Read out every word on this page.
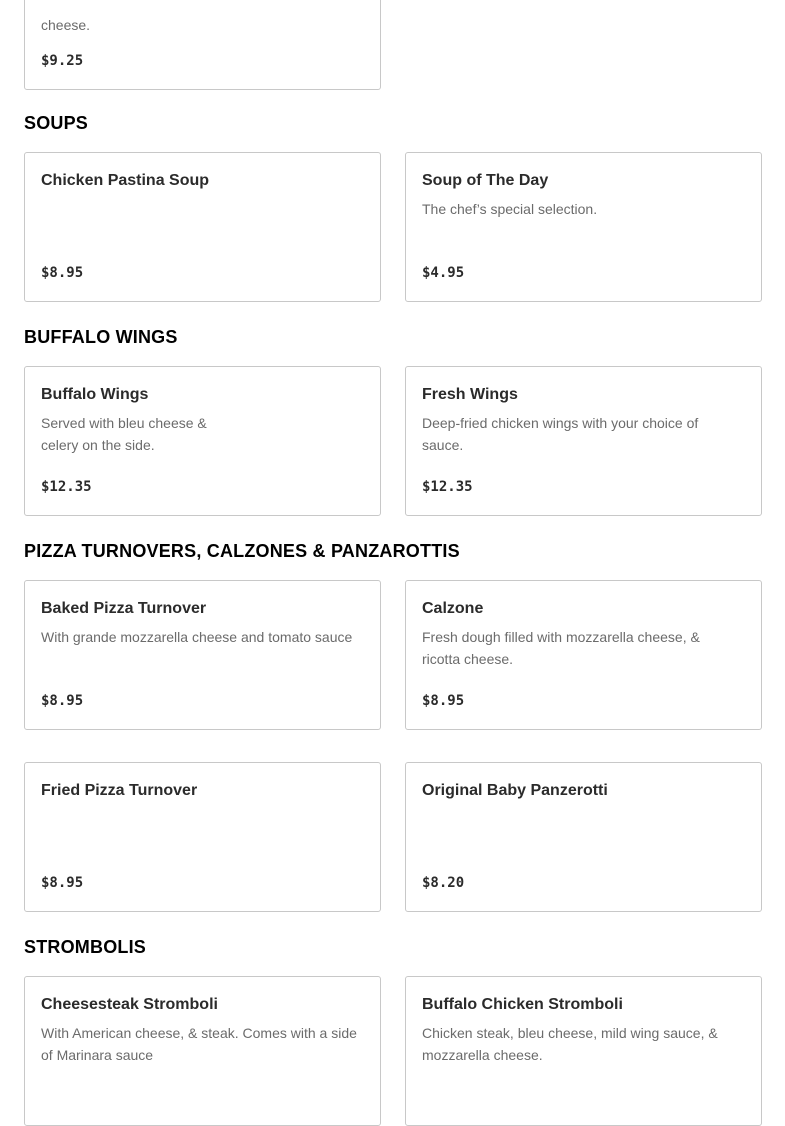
cheese.
$9.25
SOUPS
Chicken Pastina Soup
$8.95
Soup of The Day
The chef’s special selection.
$4.95
BUFFALO WINGS
Buffalo Wings
Served with bleu cheese & celery on the side.
$12.35
Fresh Wings
Deep-fried chicken wings with your choice of sauce.
$12.35
PIZZA TURNOVERS, CALZONES & PANZAROTTIS
Baked Pizza Turnover
With grande mozzarella cheese and tomato sauce
$8.95
Calzone
Fresh dough filled with mozzarella cheese, & ricotta cheese.
$8.95
Fried Pizza Turnover
$8.95
Original Baby Panzerotti
$8.20
STROMBOLIS
Cheesesteak Stromboli
With American cheese, & steak. Comes with a side of Marinara sauce
Buffalo Chicken Stromboli
Chicken steak, bleu cheese, mild wing sauce, & mozzarella cheese.
